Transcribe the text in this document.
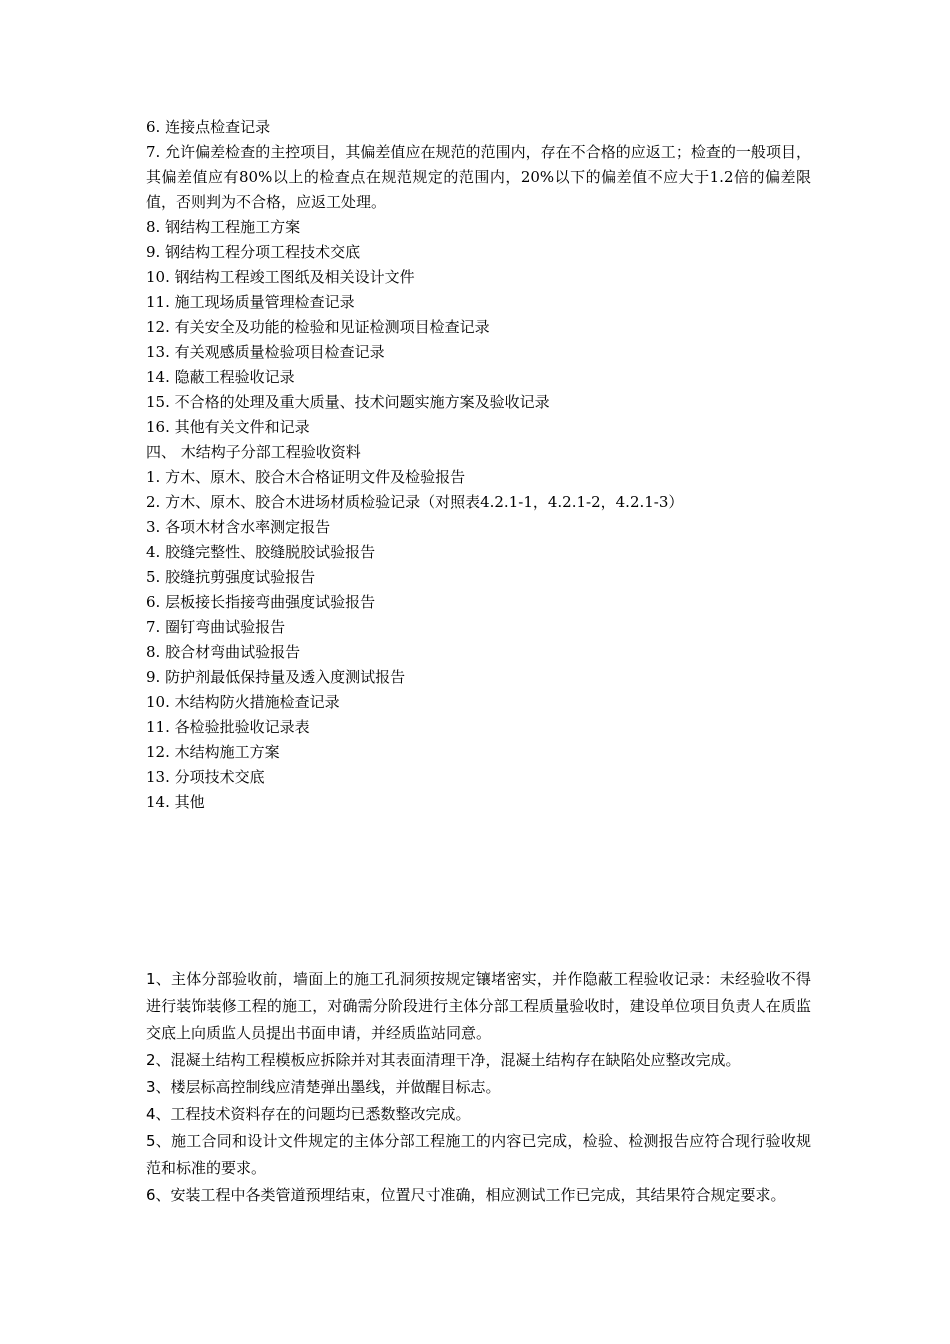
6. 连接点检查记录
7. 允许偏差检查的主控项目，其偏差值应在规范的范围内，存在不合格的应返工；检查的一般项目，其偏差值应有80%以上的检查点在规范规定的范围内，20%以下的偏差值不应大于1.2倍的偏差限值，否则判为不合格，应返工处理。
8. 钢结构工程施工方案
9. 钢结构工程分项工程技术交底
10. 钢结构工程竣工图纸及相关设计文件
11. 施工现场质量管理检查记录
12. 有关安全及功能的检验和见证检测项目检查记录
13. 有关观感质量检验项目检查记录
14. 隐蔽工程验收记录
15. 不合格的处理及重大质量、技术问题实施方案及验收记录
16. 其他有关文件和记录
四、 木结构子分部工程验收资料
1. 方木、原木、胶合木合格证明文件及检验报告
2. 方木、原木、胶合木进场材质检验记录（对照表4.2.1-1，4.2.1-2，4.2.1-3）
3. 各项木材含水率测定报告
4. 胶缝完整性、胶缝脱胶试验报告
5. 胶缝抗剪强度试验报告
6. 层板接长指接弯曲强度试验报告
7. 圈钉弯曲试验报告
8. 胶合材弯曲试验报告
9. 防护剂最低保持量及透入度测试报告
10. 木结构防火措施检查记录
11. 各检验批验收记录表
12. 木结构施工方案
13. 分项技术交底
14. 其他
1、主体分部验收前，墙面上的施工孔洞须按规定镶堵密实，并作隐蔽工程验收记录：未经验收不得进行装饰装修工程的施工，对确需分阶段进行主体分部工程质量验收时，建设单位项目负责人在质监交底上向质监人员提出书面申请，并经质监站同意。
2、混凝土结构工程模板应拆除并对其表面清理干净，混凝土结构存在缺陷处应整改完成。
3、楼层标高控制线应清楚弹出墨线，并做醒目标志。
4、工程技术资料存在的问题均已悉数整改完成。
5、施工合同和设计文件规定的主体分部工程施工的内容已完成，检验、检测报告应符合现行验收规范和标准的要求。
6、安装工程中各类管道预埋结束，位置尺寸准确，相应测试工作已完成，其结果符合规定要求。
